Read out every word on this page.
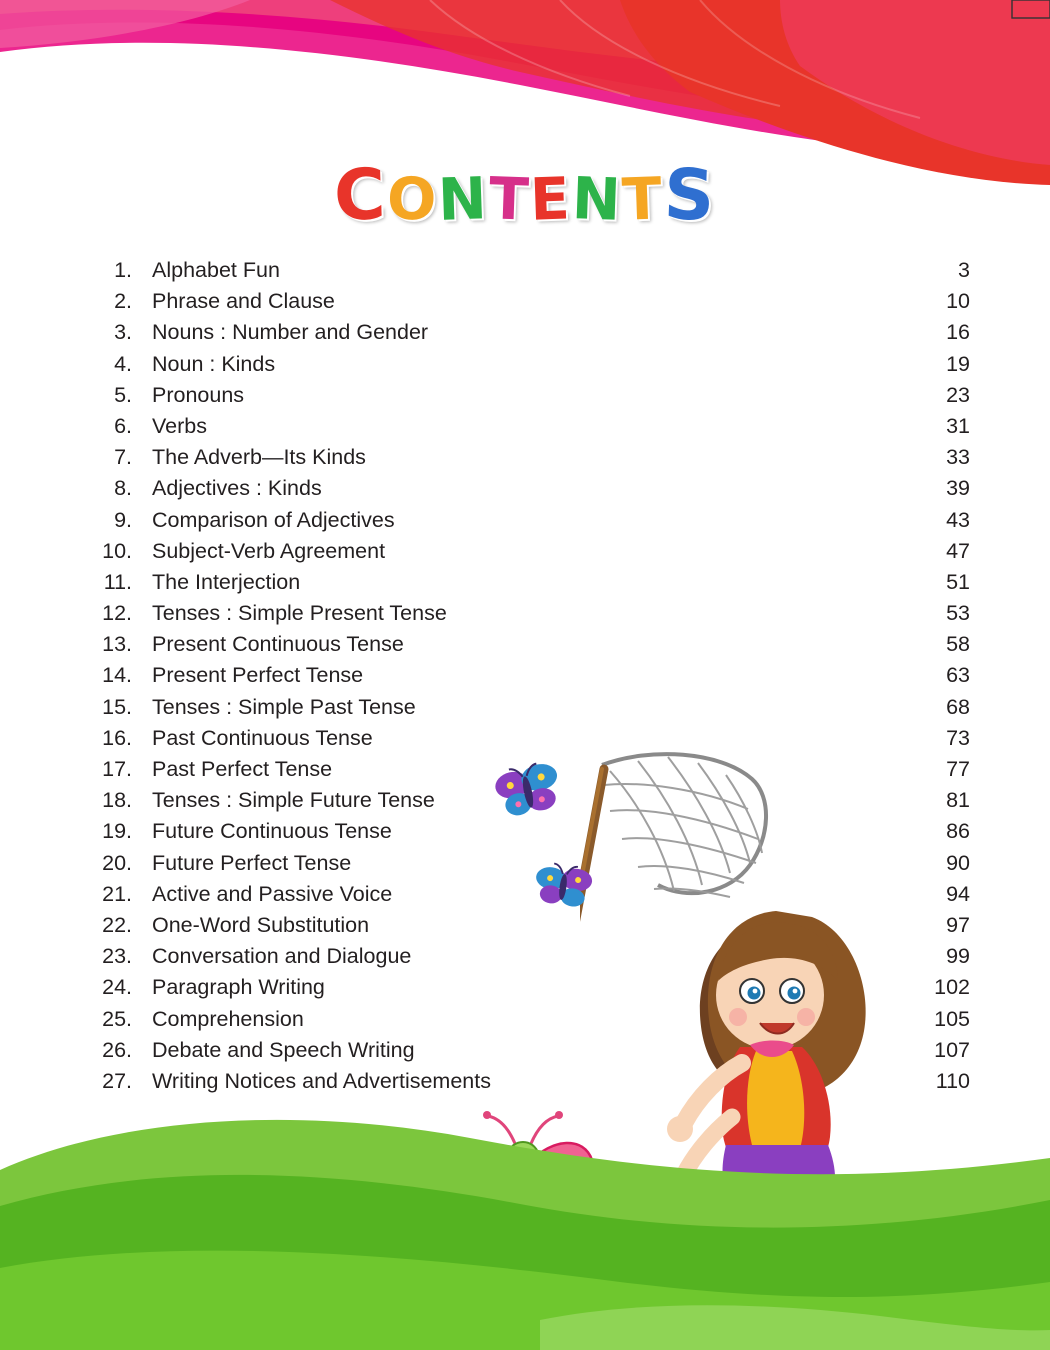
CONTENTS
1. Alphabet Fun	3
2. Phrase and Clause	10
3. Nouns : Number and Gender	16
4. Noun : Kinds	19
5. Pronouns	23
6. Verbs	31
7. The Adverb—Its Kinds	33
8. Adjectives : Kinds	39
9. Comparison of Adjectives	43
10. Subject-Verb Agreement	47
11. The Interjection	51
12. Tenses : Simple Present Tense	53
13. Present Continuous Tense	58
14. Present Perfect Tense	63
15. Tenses : Simple Past Tense	68
16. Past Continuous Tense	73
17. Past Perfect Tense	77
18. Tenses : Simple Future Tense	81
19. Future Continuous Tense	86
20. Future Perfect Tense	90
21. Active and Passive Voice	94
22. One-Word Substitution	97
23. Conversation and Dialogue	99
24. Paragraph Writing	102
25. Comprehension	105
26. Debate and Speech Writing	107
27. Writing Notices and Advertisements	110
